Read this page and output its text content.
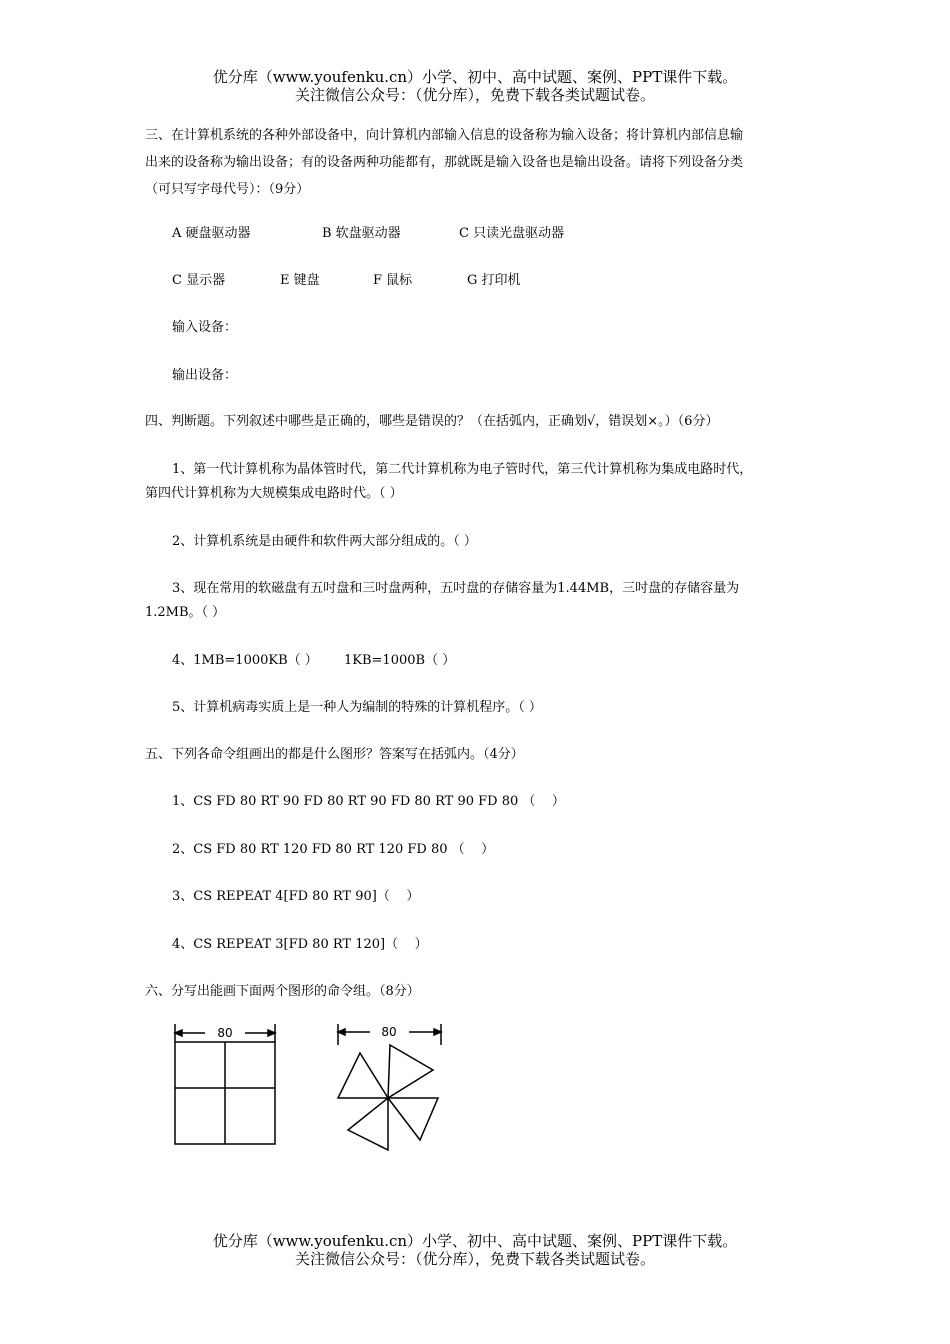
优分库（www.youfenku.cn）小学、初中、高中试题、案例、PPT课件下载。
关注微信公众号：（优分库），免费下载各类试题试卷。
三、在计算机系统的各种外部设备中，向计算机内部输入信息的设备称为输入设备；将计算机内部信息输
出来的设备称为输出设备；有的设备两种功能都有，那就既是输入设备也是输出设备。请将下列设备分类
（可只写字母代号）：（9分）
A 硬盘驱动器	B 软盘驱动器	C 只读光盘驱动器
C 显示器	E 键盘	F 鼠标	G 打印机
输入设备：
输出设备：
四、判断题。下列叙述中哪些是正确的，哪些是错误的？（在括弧内，正确划√，错误划×。）（6分）
1、第一代计算机称为晶体管时代，第二代计算机称为电子管时代，第三代计算机称为集成电路时代，
第四代计算机称为大规模集成电路时代。（ ）
2、计算机系统是由硬件和软件两大部分组成的。（ ）
3、现在常用的软磁盘有五吋盘和三吋盘两种，五吋盘的存储容量为1.44MB，三吋盘的存储容量为
1.2MB。（ ）
4、1MB=1000KB（ ）	1KB=1000B（ ）
5、计算机病毒实质上是一种人为编制的特殊的计算机程序。（ ）
五、下列各命令组画出的都是什么图形？答案写在括弧内。（4分）
1、CS FD 80 RT 90 FD 80 RT 90 FD 80 RT 90 FD 80 （    ）
2、CS FD 80 RT 120 FD 80 RT 120 FD 80 （    ）
3、CS REPEAT 4[FD 80 RT 90]（    ）
4、CS REPEAT 3[FD 80 RT 120]（    ）
六、分写出能画下面两个图形的命令组。（8分）
80	80
优分库（www.youfenku.cn）小学、初中、高中试题、案例、PPT课件下载。
关注微信公众号：（优分库），免费下载各类试题试卷。
